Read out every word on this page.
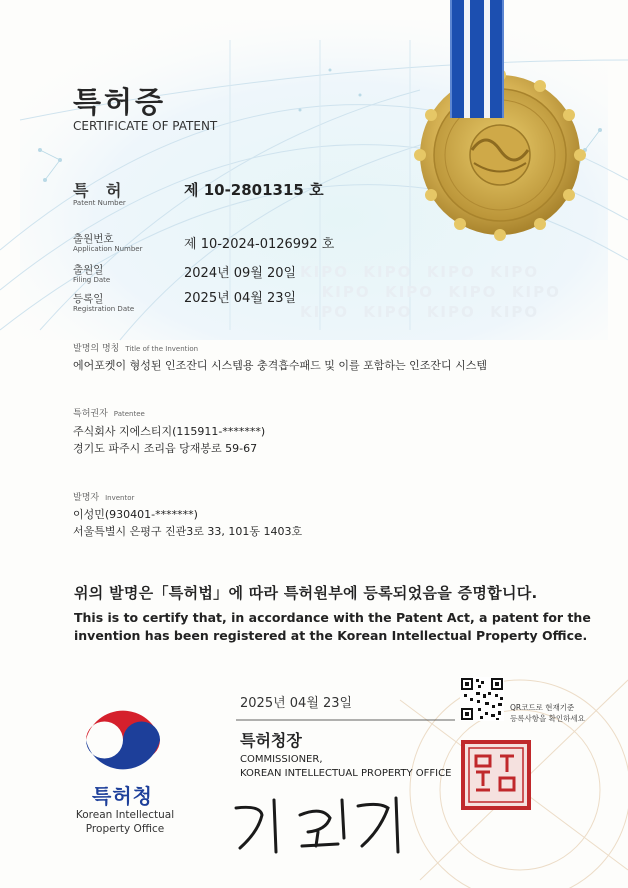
KIPO KIPO KIPO KIPO
KIPO KIPO KIPO KIPO
KIPO KIPO KIPO KIPO
특허증
CERTIFICATE OF PATENT
특 허
Patent Number
제 10-2801315 호
출원번호
Application Number	제 10-2024-0126992 호
출원일
Filing Date	2024년 09월 20일
등록일
Registration Date
2025년 04월 23일
발명의 명칭 Title of the Invention
에어포켓이 형성된 인조잔디 시스템용 충격흡수패드 및 이를 포함하는 인조잔디 시스템
특허권자 Patentee
주식회사 지에스티지(115911-*******)
경기도 파주시 조리읍 당재봉로 59-67
발명자 Inventor
이성민(930401-*******)
서울특별시 은평구 진관3로 33, 101동 1403호
위의 발명은「특허법」에 따라 특허원부에 등록되었음을 증명합니다.
This is to certify that, in accordance with the Patent Act, a patent for the
invention has been registered at the Korean Intellectual Property Office.
2025년 04월 23일
특허청장
COMMISSIONER,
KOREAN INTELLECTUAL PROPERTY OFFICE
QR코드로 현재기준
등록사항을 확인하세요
특허청
Korean Intellectual
Property Office
